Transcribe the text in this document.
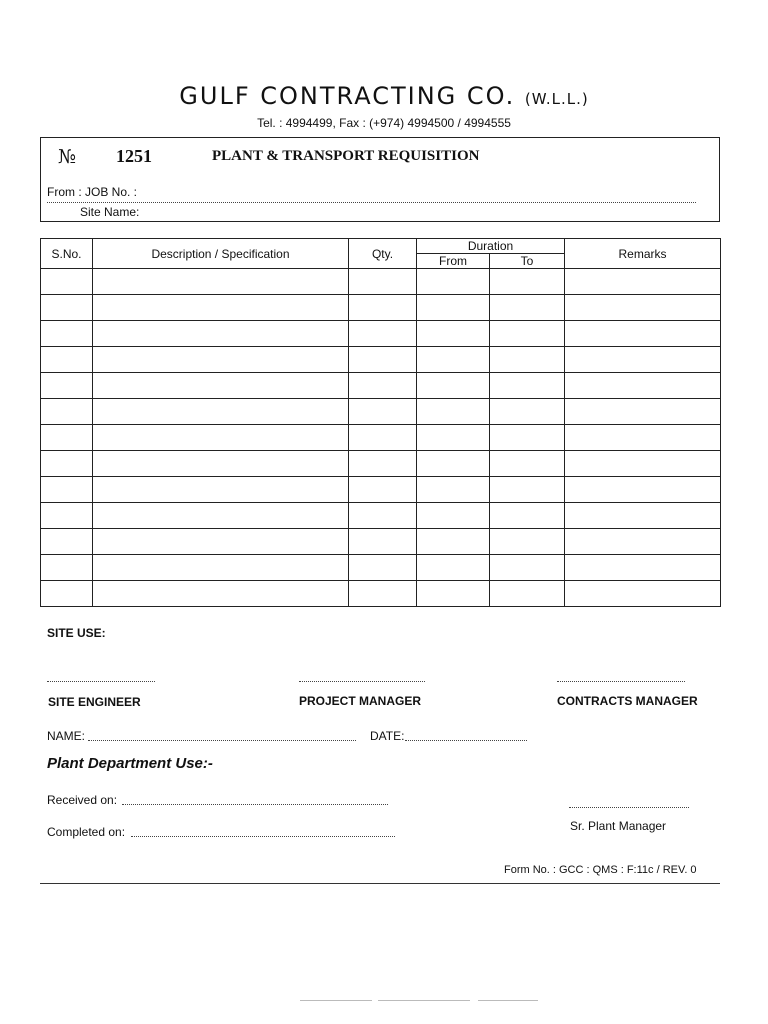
GULF CONTRACTING CO. (W.L.L.)
Tel. : 4994499, Fax : (+974) 4994500 / 4994555
№ 1251	PLANT & TRANSPORT REQUISITION
From : JOB No. :
Site Name:
S.No.	Description / Specification	Qty.	Duration		Remarks
			From	To	

SITE USE:
SITE ENGINEER	PROJECT MANAGER	CONTRACTS MANAGER
NAME:	DATE:
Plant Department Use:-
Received on:
Completed on:	Sr. Plant Manager
Form No. : GCC : QMS : F:11c / REV. 0
